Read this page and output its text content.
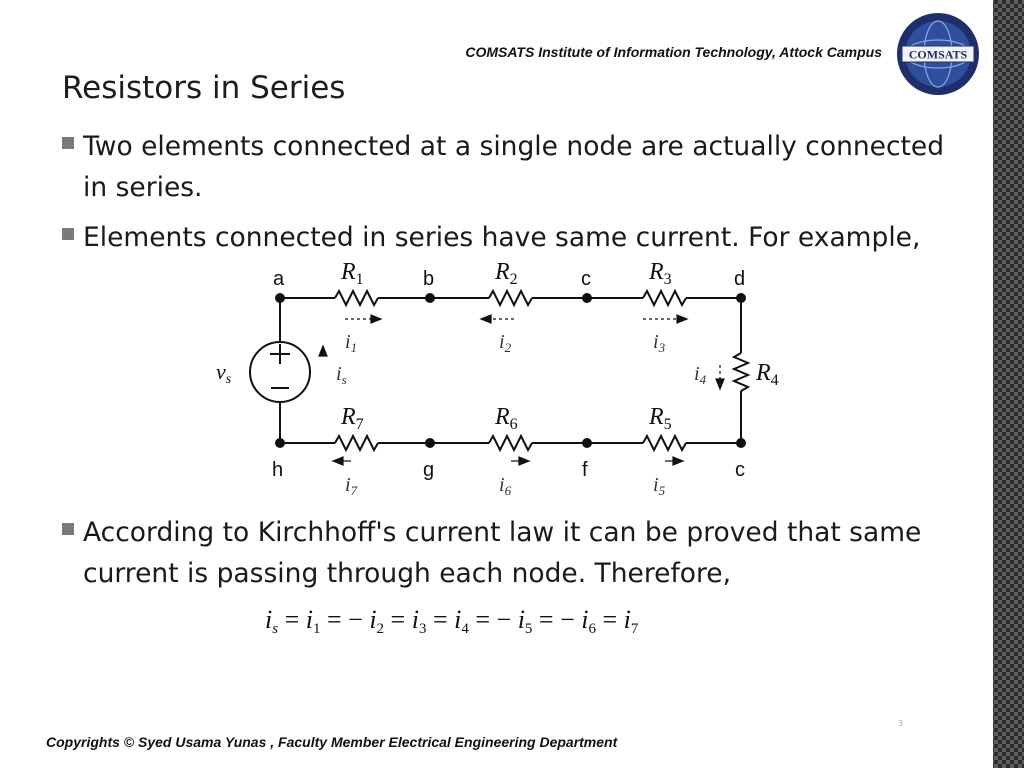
COMSATS Institute of Information Technology, Attock Campus COMSATS
Resistors in Series
Two elements connected at a single node are actually connected in series.
Elements connected in series have same current. For example,
a	b	c	d
h	g	f	c
$R_1$	$R_2$	$R_3$
$R_4$
$R_5$
$R_6$
$R_7$
$i_1$	$i_2$	$i_3$
$i_4$
$i_s$
$i_7$	$i_6$	$i_5$
vs
According to Kirchhoff's current law it can be proved that same current is passing through each node. Therefore,
is = i1 = − i2 = i3 = i4 = − i5 = − i6 = i7
3
Copyrights © Syed Usama Yunas , Faculty Member Electrical Engineering Department
